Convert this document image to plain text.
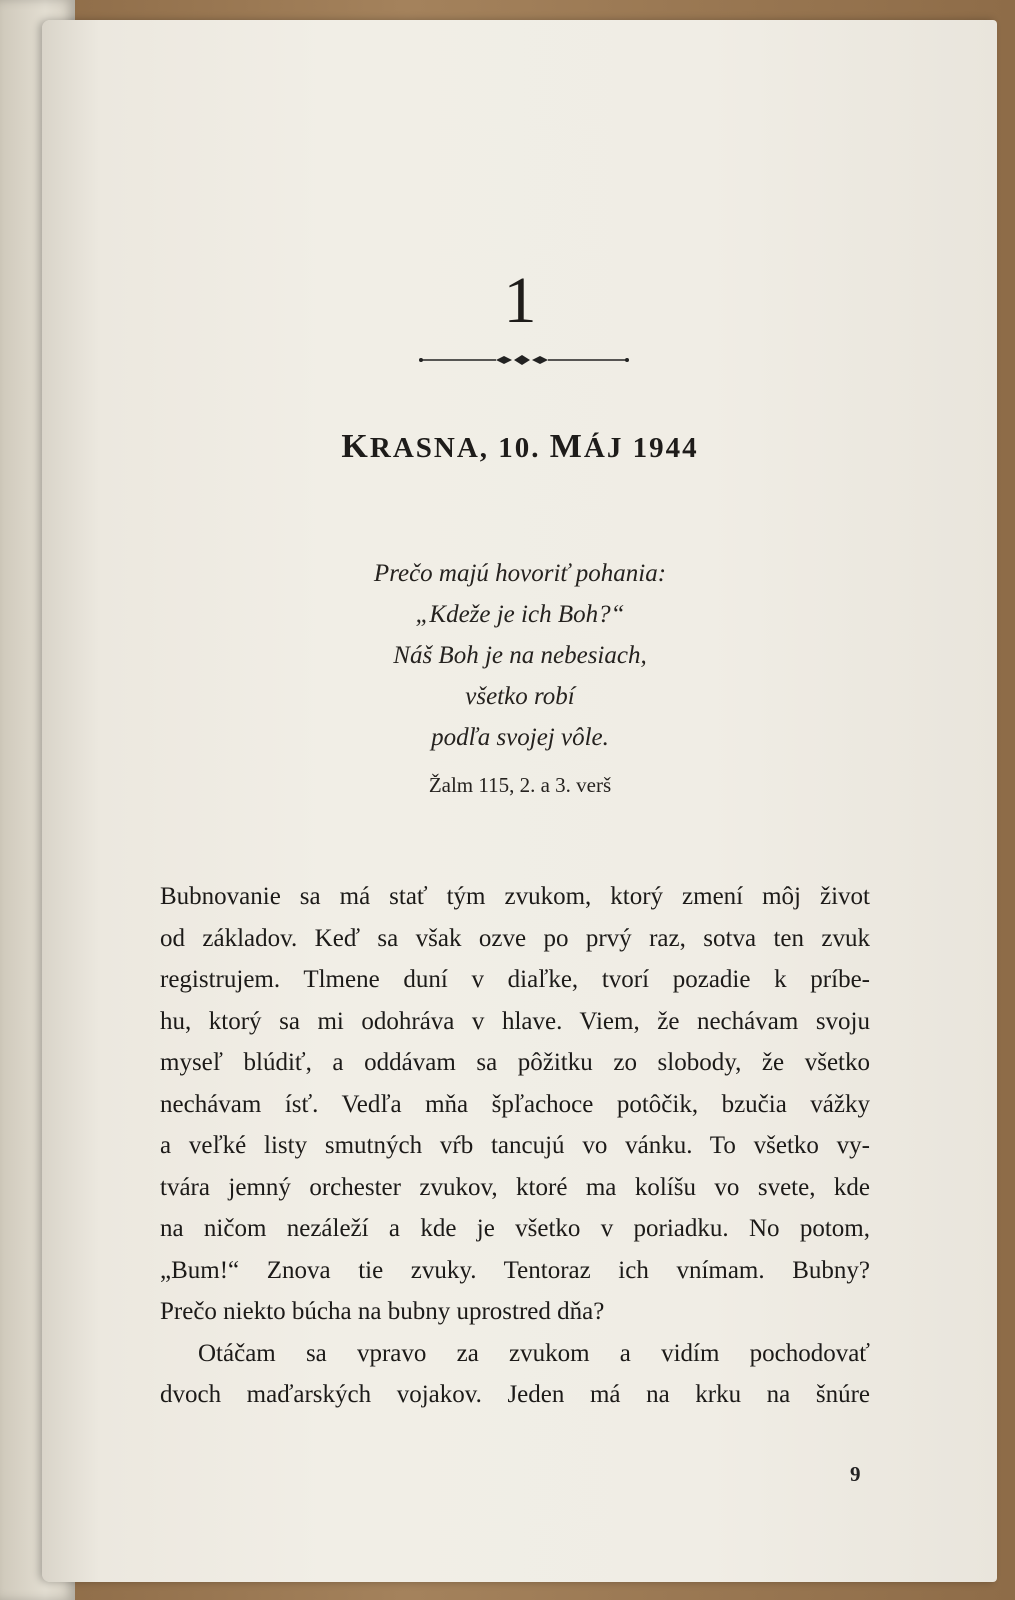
1
KRASNA, 10. MÁJ 1944
Prečo majú hovoriť pohania:
„Kdeže je ich Boh?“
Náš Boh je na nebesiach,
všetko robí
podľa svojej vôle.
Žalm 115, 2. a 3. verš
Bubnovanie sa má stať tým zvukom, ktorý zmení môj život
od základov. Keď sa však ozve po prvý raz, sotva ten zvuk
registrujem. Tlmene duní v diaľke, tvorí pozadie k príbe-
hu, ktorý sa mi odohráva v hlave. Viem, že nechávam svoju
myseľ blúdiť, a oddávam sa pôžitku zo slobody, že všetko
nechávam ísť. Vedľa mňa špľachoce potôčik, bzučia vážky
a veľké listy smutných vŕb tancujú vo vánku. To všetko vy-
tvára jemný orchester zvukov, ktoré ma kolíšu vo svete, kde
na ničom nezáleží a kde je všetko v poriadku. No potom,
„Bum!“ Znova tie zvuky. Tentoraz ich vnímam. Bubny?
Prečo niekto búcha na bubny uprostred dňa?
Otáčam sa vpravo za zvukom a vidím pochodovať
dvoch maďarských vojakov. Jeden má na krku na šnúre
9
